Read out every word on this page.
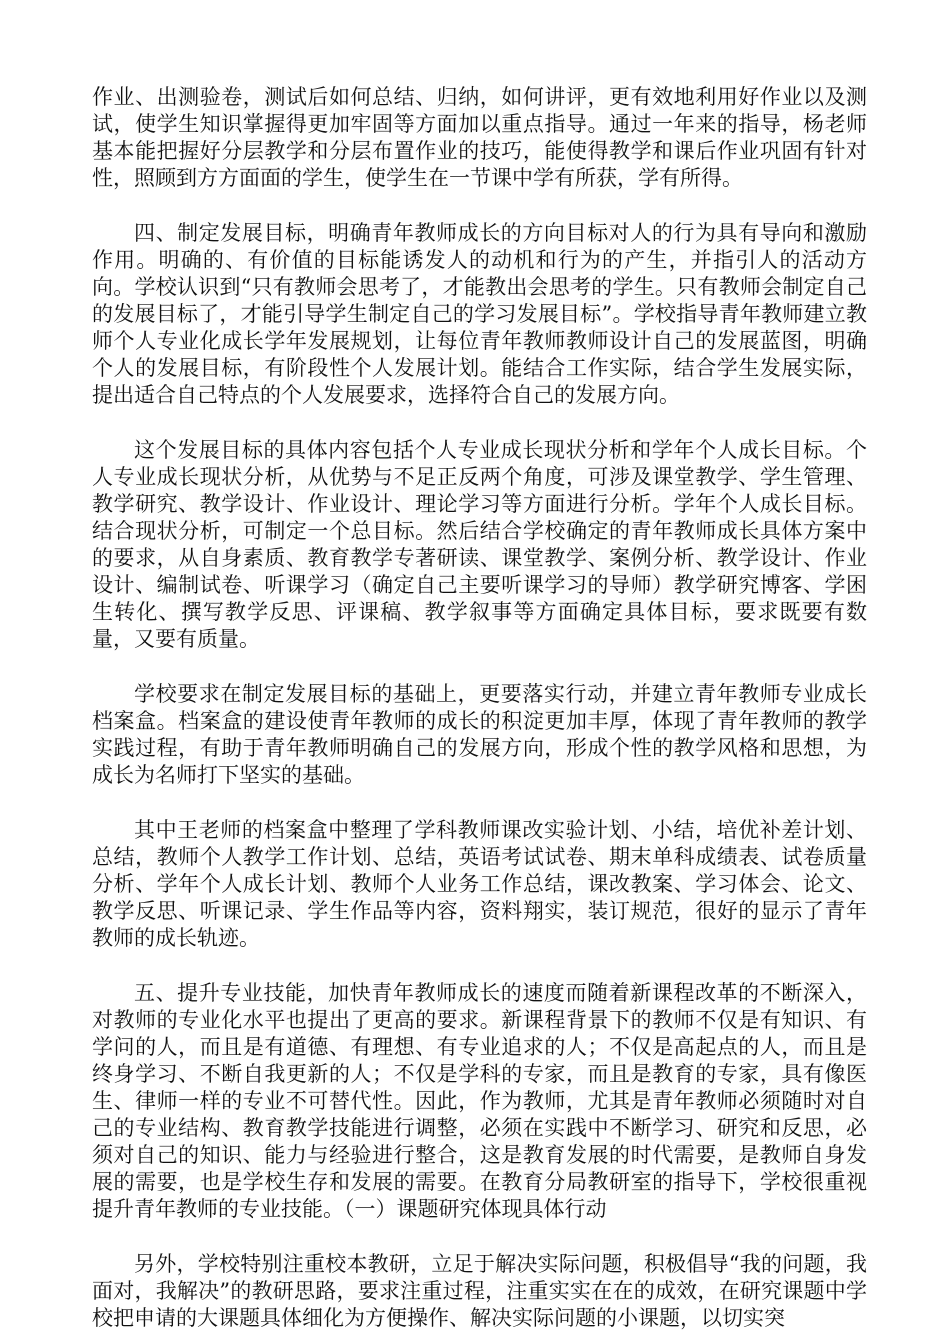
作业、出测验卷，测试后如何总结、归纳，如何讲评，更有效地利用好作业以及测试，使学生知识掌握得更加牢固等方面加以重点指导。通过一年来的指导，杨老师基本能把握好分层教学和分层布置作业的技巧，能使得教学和课后作业巩固有针对性，照顾到方方面面的学生，使学生在一节课中学有所获，学有所得。

四、制定发展目标，明确青年教师成长的方向目标对人的行为具有导向和激励作用。明确的、有价值的目标能诱发人的动机和行为的产生，并指引人的活动方向。学校认识到“只有教师会思考了，才能教出会思考的学生。只有教师会制定自己的发展目标了，才能引导学生制定自己的学习发展目标”。学校指导青年教师建立教师个人专业化成长学年发展规划，让每位青年教师教师设计自己的发展蓝图，明确个人的发展目标，有阶段性个人发展计划。能结合工作实际，结合学生发展实际，提出适合自己特点的个人发展要求，选择符合自己的发展方向。

这个发展目标的具体内容包括个人专业成长现状分析和学年个人成长目标。个人专业成长现状分析，从优势与不足正反两个角度，可涉及课堂教学、学生管理、教学研究、教学设计、作业设计、理论学习等方面进行分析。学年个人成长目标。结合现状分析，可制定一个总目标。然后结合学校确定的青年教师成长具体方案中的要求，从自身素质、教育教学专著研读、课堂教学、案例分析、教学设计、作业设计、编制试卷、听课学习（确定自己主要听课学习的导师）教学研究博客、学困生转化、撰写教学反思、评课稿、教学叙事等方面确定具体目标，要求既要有数量，又要有质量。

学校要求在制定发展目标的基础上，更要落实行动，并建立青年教师专业成长档案盒。档案盒的建设使青年教师的成长的积淀更加丰厚，体现了青年教师的教学实践过程，有助于青年教师明确自己的发展方向，形成个性的教学风格和思想，为成长为名师打下坚实的基础。

其中王老师的档案盒中整理了学科教师课改实验计划、小结，培优补差计划、总结，教师个人教学工作计划、总结，英语考试试卷、期末单科成绩表、试卷质量分析、学年个人成长计划、教师个人业务工作总结，课改教案、学习体会、论文、教学反思、听课记录、学生作品等内容，资料翔实，装订规范，很好的显示了青年教师的成长轨迹。

五、提升专业技能，加快青年教师成长的速度而随着新课程改革的不断深入，对教师的专业化水平也提出了更高的要求。新课程背景下的教师不仅是有知识、有学问的人，而且是有道德、有理想、有专业追求的人；不仅是高起点的人，而且是终身学习、不断自我更新的人；不仅是学科的专家，而且是教育的专家，具有像医生、律师一样的专业不可替代性。因此，作为教师，尤其是青年教师必须随时对自己的专业结构、教育教学技能进行调整，必须在实践中不断学习、研究和反思，必须对自己的知识、能力与经验进行整合，这是教育发展的时代需要，是教师自身发展的需要，也是学校生存和发展的需要。在教育分局教研室的指导下，学校很重视提升青年教师的专业技能。（一）课题研究体现具体行动

另外，学校特别注重校本教研，立足于解决实际问题，积极倡导“我的问题，我面对，我解决”的教研思路，要求注重过程，注重实实在在的成效，在研究课题中学校把申请的大课题具体细化为方便操作、解决实际问题的小课题，以切实突
